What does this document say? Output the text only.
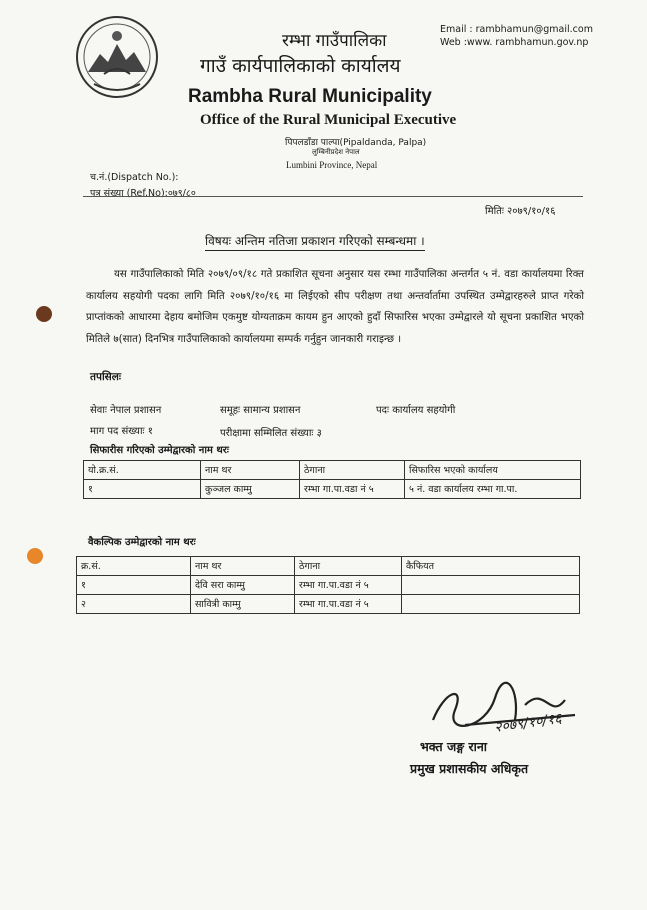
Email : rambhamun@gmail.com
Web :www. rambhamun.gov.np
रम्भा गाउँपालिका
गाउँ कार्यपालिकाको कार्यालय
Rambha Rural Municipality
Office of the Rural Municipal Executive
पिपलडाँडा पाल्पा(Pipaldanda, Palpa)
लुम्बिनीप्रदेश नेपाल
Lumbini Province, Nepal
च.नं.(Dispatch No.):
पत्र संख्या (Ref.No):०७९/८०
मितिः २०७९/१०/१६
विषयः अन्तिम नतिजा प्रकाशन गरिएको सम्बन्धमा ।
यस गाउँपालिकाको मिति २०७९/०९/१८ गते प्रकाशित सूचना अनुसार यस रम्भा गाउँपालिका अन्तर्गत ५ नं. वडा कार्यालयमा रिक्त कार्यालय सहयोगी पदका लागि मिति २०७९/१०/१६ मा लिईएको सीप परीक्षण तथा अन्तर्वार्तामा उपस्थित उम्मेद्वारहरुले प्राप्त गरेको प्राप्तांकको आधारमा देहाय बमोजिम एकमुष्ट योग्यताक्रम कायम हुन आएको हुदाँ सिफारिस भएका उम्मेद्वारले यो सूचना प्रकाशित भएको मितिले ७(सात) दिनभित्र गाउँपालिकाको कार्यालयमा सम्पर्क गर्नुहुन जानकारी गराइन्छ ।
तपसिलः
सेवाः नेपाल प्रशासन	समूहः सामान्य प्रशासन	पदः कार्यालय सहयोगी
माग पद संख्याः १	परीक्षामा सम्मिलित संख्याः ३
सिफारीस गरिएको उम्मेद्वारको नाम थरः
यो.क्र.सं.	नाम थर	ठेगाना	सिफारिस भएको कार्यालय
१	कुञ्जल काम्मु	रम्भा गा.पा.वडा नं ५	५ नं. वडा कार्यालय रम्भा गा.पा.
वैकल्पिक उम्मेद्वारको नाम थरः
क्र.सं.	नाम थर	ठेगाना	कैफियत
१	देवि सरा काम्मु	रम्भा गा.पा.वडा नं ५	
२	सावित्री काम्मु	रम्भा गा.पा.वडा नं ५	
२०७९/१०/१६
भक्त जङ्ग राना
प्रमुख प्रशासकीय अधिकृत
